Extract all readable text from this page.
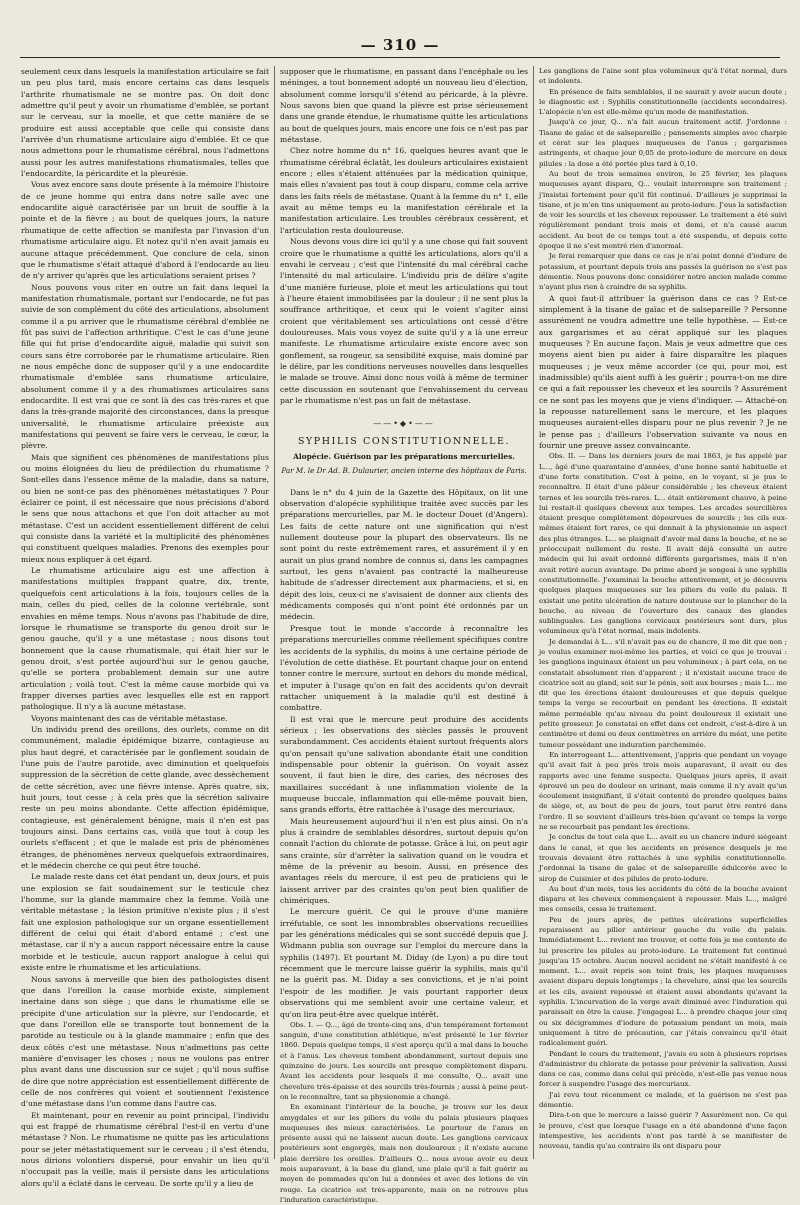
— 310 —

seulement ceux dans lesquels la manifestation articulaire se fait un peu plus tard, mais encore certains cas dans lesquels l'arthrite rhumatismale ne se montre pas. On doit donc admettre qu'il peut y avoir un rhumatisme d'emblée, se portant sur le cerveau, sur la moelle, et que cette manière de se produire est aussi acceptable que celle qui consiste dans l'arrivée d'un rhumatisme articulaire aigu d'emblée. Et ce que nous admettons pour le rhumatisme cérébral, nous l'admettons aussi pour les autres manifestations rhumatismales, telles que l'endocardite, la péricardite et la pleurésie.

Vous avez encore sans doute présente à la mémoire l'histoire de ce jeune homme qui entra dans notre salle avec une endocardite aiguë caractérisée par un bruit de souffle à la pointe et de la fièvre ; au bout de quelques jours, la nature rhumatique de cette affection se manifesta par l'invasion d'un rhumatisme articulaire aigu. Et notez qu'il n'en avait jamais eu aucune attaque précédemment. Que conclure de cela, sinon que le rhumatisme s'était attaqué d'abord à l'endocarde au lieu de n'y arriver qu'après que les articulations seraient prises ?

Nous pouvons vous citer en outre un fait dans lequel la manifestation rhumatismale, portant sur l'endocarde, ne fut pas suivie de son complément du côté des articulations, absolument comme il a pu arriver que le rhumatisme cérébral d'emblée ne fût pas suivi de l'affection arthritique. C'est le cas d'une jeune fille qui fut prise d'endocardite aiguë, maladie qui suivit son cours sans être corroborée par le rhumatisme articulaire. Rien ne nous empêche donc de supposer qu'il y a une endocardite rhumatismale d'emblée sans rhumatisme articulaire, absolument comme il y a des rhumatismes articulaires sans endocardite. Il est vrai que ce sont là des cas très-rares et que dans la très-grande majorité des circonstances, dans la presque universalité, le rhumatisme articulaire préexiste aux manifestations qui peuvent se faire vers le cerveau, le cœur, la plèvre.

Mais que signifient ces phénomènes de manifestations plus ou moins éloignées du lieu de prédilection du rhumatisme ? Sont-elles dans l'essence même de la maladie, dans sa nature, ou bien ne sont-ce pas des phénomènes métastatiques ? Pour éclairer ce point, il est nécessaire que nous précisions d'abord le sens que nous attachons et que l'on doit attacher au mot métastase. C'est un accident essentiellement différent de celui qui consiste dans la variété et la multiplicité des phénomènes qui constituent quelques maladies. Prenons des exemples pour mieux nous expliquer à cet égard.

Le rhumatisme articulaire aigu est une affection à manifestations multiples frappant quatre, dix, trente, quelquefois cent articulations à la fois, toujours celles de la main, celles du pied, celles de la colonne vertébrale, sont envahies en même temps. Nous n'avons pas l'habitude de dire, lorsque le rhumatisme se transporte du genou droit sur le genou gauche, qu'il y a une métastase ; nous disons tout bonnement que la cause rhumatismale, qui était hier sur le genou droit, s'est portée aujourd'hui sur le genou gauche, qu'elle se portera probablement demain sur une autre articulation ; voilà tout. C'est la même cause morbide qui va frapper diverses parties avec lesquelles elle est en rapport pathologique. Il n'y a là aucune métastase.

Voyons maintenant des cas de véritable métastase.

Un individu prend des oreillons, des ourlets, comme on dit communément, maladie épidémique bizarre, contagieuse au plus haut degré, et caractérisée par le gonflement soudain de l'une puis de l'autre parotide, avec diminution et quelquefois suppression de la sécrétion de cette glande, avec dessèchement de cette sécrétion, avec une fièvre intense. Après quatre, six, huit jours, tout cesse ; à cela près que la sécrétion salivaire reste un peu moins abondante. Cette affection épidémique, contagieuse, est généralement bénigne, mais il n'en est pas toujours ainsi. Dans certains cas, voilà que tout à coup les ourlets s'effacent ; et que le malade est pris de phénomènes étranges, de phénomènes nerveux quelquefois extraordinaires, et le médecin cherche ce qui peut être touché.

Le malade reste dans cet état pendant un, deux jours, et puis une explosion se fait soudainement sur le testicule chez l'homme, sur la glande mammaire chez la femme. Voilà une véritable métastase ; la lésion primitive n'existe plus ; il s'est fait une explosion pathologique sur un organe essentiellement différent de celui qui était d'abord entamé ; c'est une métastase, car il n'y a aucun rapport nécessaire entre la cause morbide et le testicule, aucun rapport analogue à celui qui existe entre le rhumatisme et les articulations.

Nous savons à merveille que bien des pathologistes disent que dans l'oreillon la cause morbide existe, simplement inertaine dans son siège ; que dans le rhumatisme elle se précipite d'une articulation sur la plèvre, sur l'endocarde, et que dans l'oreillon elle se transporte tout bonnement de la parotide au testicule ou à la glande mammaire ; enfin que des deux côtés c'est une métastase. Nous n'admettons pas cette manière d'envisager les choses ; nous ne voulons pas entrer plus avant dans une discussion sur ce sujet ; qu'il nous suffise de dire que notre appréciation est essentiellement différente de celle de nos confrères qui voient et soutiennent l'existence d'une métastase dans l'un comme dans l'autre cas.

Et maintenant, pour en revenir au point principal, l'individu qui est frappé de rhumatisme cérébral l'est-il en vertu d'une métastase ? Non. Le rhumatisme ne quitte pas les articulations pour se jeter métastatiquement sur le cerveau ; il s'est étendu, nous dirions volontiers dispersé, pour envahir un lieu qu'il n'occupait pas la veille, mais il persiste dans les articulations alors qu'il a éclaté dans le cerveau. De sorte qu'il y a lieu de

supposer que le rhumatisme, en passant dans l'encéphale ou les méninges, a tout bonnement adopté un nouveau lieu d'élection, absolument comme lorsqu'il s'étend au péricarde, à la plèvre. Nous savons bien que quand la plèvre est prise sérieusement dans une grande étendue, le rhumatisme quitte les articulations au bout de quelques jours, mais encore une fois ce n'est pas par métastase.

Chez notre homme du n° 16, quelques heures avant que le rhumatisme cérébral éclatât, les douleurs articulaires existaient encore ; elles s'étaient atténuées par la médication quinique, mais elles n'avaient pas tout à coup disparu, comme cela arrive dans les faits réels de métastase. Quant à la femme du n° 1, elle avait au même temps eu la manifestation cérébrale et la manifestation articulaire. Les troubles cérébraux cessèrent, et l'articulation resta douloureuse.

Nous devons vous dire ici qu'il y a une chose qui fait souvent croire que le rhumatisme a quitté les articulations, alors qu'il a envahi le cerveau ; c'est que l'intensité du mal cérébral cache l'intensité du mal articulaire. L'individu pris de délire s'agite d'une manière furieuse, ploie et meut les articulations qui tout à l'heure étaient immobilisées par la douleur ; il ne sent plus la souffrance arthritique, et ceux qui le voient s'agiter ainsi croient que véritablement ses articulations ont cessé d'être douloureuses. Mais vous voyez de suite qu'il y a là une erreur manifeste. Le rhumatisme articulaire existe encore avec son gonflement, sa rougeur, sa sensibilité exquise, mais dominé par le délire, par les conditions nerveuses nouvelles dans lesquelles le malade se trouve. Ainsi donc nous voilà à même de terminer cette discussion en soutenant que l'envahissement du cerveau par le rhumatisme n'est pas un fait de métastase.

——•◆•——
SYPHILIS CONSTITUTIONNELLE.
Alopécie. Guérison par les préparations mercurielles.
Par M. le Dr Ad. B. Dulaurier, ancien interne des hôpitaux de Paris.

Dans le n° du 4 juin de la Gazette des Hôpitaux, on lit une observation d'alopécie syphilitique traitée avec succès par les préparations mercurielles, par M. le docteur Douet (d'Angers). Les faits de cette nature ont une signification qui n'est nullement douteuse pour la plupart des observateurs. Ils ne sont point du reste extrêmement rares, et assurément il y en aurait un plus grand nombre de connus si, dans les campagnes surtout, les gens n'avaient pas contracté la malheureuse habitude de s'adresser directement aux pharmaciens, et si, en dépit des lois, ceux-ci ne s'avisaient de donner aux clients des médicaments composés qui n'ont point été ordonnés par un médecin.

Presque tout le monde s'accorde à reconnaître les préparations mercurielles comme réellement spécifiques contre les accidents de la syphilis, du moins à une certaine période de l'évolution de cette diathèse. Et pourtant chaque jour on entend tonner contre le mercure, surtout en dehors du monde médical, et imputer à l'usage qu'on en fait des accidents qu'on devrait rattacher uniquement à la maladie qu'il est destiné à combattre.

Il est vrai que le mercure peut produire des accidents sérieux ; les observations des siècles passés le prouvent surabondamment. Ces accidents étaient surtout fréquents alors qu'on pensait qu'une salivation abondante était une condition indispensable pour obtenir la guérison. On voyait assez souvent, il faut bien le dire, des caries, des nécroses des maxillaires succédant à une inflammation violente de la muqueuse buccale, inflammation qui elle-même pouvait bien, sans grands efforts, être rattachée à l'usage des mercuriaux.

Mais heureusement aujourd'hui il n'en est plus ainsi. On n'a plus à craindre de semblables désordres, surtout depuis qu'on connaît l'action du chlorate de potasse. Grâce à lui, on peut agir sans crainte, sûr d'arrêter la salivation quand on le voudra et même de la prévenir au besoin. Aussi, en présence des avantages réels du mercure, il est peu de praticiens qui le laissent arriver par des craintes qu'on peut bien qualifier de chimériques.

Le mercure guérit. Ce qui le prouve d'une manière irréfutable, ce sont les innombrables observations recueillies par les générations médicales qui se sont succédé depuis que J. Widmann publia son ouvrage sur l'emploi du mercure dans la syphilis (1497). Et pourtant M. Diday (de Lyon) a pu dire tout récemment que le mercure laisse guérir la syphilis, mais qu'il ne la guérit pas. M. Diday a ses convictions, et je n'ai point l'espoir de les modifier. Je vais pourtant rapporter deux observations qui me semblent avoir une certaine valeur, et qu'on lira peut-être avec quelque intérêt.

Obs. I. — Q..., âgé de trente-cinq ans, d'un tempérament fortement sanguin, d'une constitution athlétique, m'est présenté le 1er février 1860. Depuis quelque temps, il s'est aperçu qu'il a mal dans la bouche et à l'anus. Les cheveux tombent abondamment, surtout depuis une quinzaine de jours. Les sourcils ont presque complètement disparu. Avant les accidents pour lesquels il me consulte, Q... avait une chevelure très-épaisse et des sourcils très-fournis ; aussi à peine peut-on le reconnaître, tant sa physionomie a changé.

En examinant l'intérieur de la bouche, je trouve sur les deux amygdales et sur les piliers du voile du palais plusieurs plaques muqueuses des mieux caractérisées. Le pourtour de l'anus en présente aussi qui ne laissent aucun doute. Les ganglions cervicaux postérieurs sont engorgés, mais non douloureux ; il n'existe aucune plaie derrière les oreilles. D'ailleurs Q... nous avoue avoir eu deux mois auparavant, à la base du gland, une plaie qu'il a fait guérir au moyen de pommades qu'on lui a données et avec des lotions de vin rouge. La cicatrice est très-apparente, mais on ne retrouve plus l'induration caractéristique.

Les ganglions de l'aine sont plus volumineux qu'à l'état normal, durs et indolents.

En présence de faits semblables, il ne saurait y avoir aucun doute ; le diagnostic est : Syphilis constitutionnelle (accidents secondaires). L'alopécie n'en est elle-même qu'un mode de manifestation.

Jusqu'à ce jour, Q... n'a fait aucun traitement actif. J'ordonne : Tisane de gaïac et de salsepareille ; pansements simples avec charpie et cérat sur les plaques muqueuses de l'anus ; gargarismes astringents, et chaque jour 0,05 de proto-iodure de mercure en deux pilules : la dose a été portée plus tard à 0,10.

Au bout de trois semaines environ, le 25 février, les plaques muqueuses ayant disparu, Q... voulait interrompre son traitement ; j'insistai fortement pour qu'il fût continué. D'ailleurs je supprimai la tisane, et je m'en tins uniquement au proto-iodure. J'eus la satisfaction de voir les sourcils et les cheveux repousser. Le traitement a été suivi régulièrement pendant trois mois et demi, et n'a causé aucun accident. Au bout de ce temps tout a été suspendu, et depuis cette époque il ne s'est montré rien d'anormal.

Je ferai remarquer que dans ce cas je n'ai point donné d'iodure de potassium, et pourtant depuis trois ans passés la guérison ne s'est pas démentie. Nous pouvons donc considérer notre ancien malade comme n'ayant plus rien à craindre de sa syphilis.

A quoi faut-il attribuer la guérison dans ce cas ? Est-ce simplement à la tisane de gaïac et de salsepareille ? Personne assurément ne voudra admettre une telle hypothèse. — Est-ce aux gargarismes et au cérat appliqué sur les plaques muqueuses ? En aucune façon. Mais je veux admettre que ces moyens aient bien pu aider à faire disparaître les plaques muqueuses ; je veux même accorder (ce qui, pour moi, est inadmissible) qu'ils aient suffi à les guérir ; pourra-t-on me dire ce qui a fait repousser les cheveux et les sourcils ? Assurément ce ne sont pas les moyens que je viens d'indiquer. — Attaché-on la repousse naturellement sans le mercure, et les plaques muqueuses auraient-elles disparu pour ne plus revenir ? Je ne le pense pas ; d'ailleurs l'observation suivante va nous en fournir une preuve assez convaincante.

Obs. II. — Dans les derniers jours de mai 1863, je fus appelé par L..., âgé d'une quarantaine d'années, d'une bonne santé habituelle et d'une forte constitution. C'est à peine, en le voyant, si je pus le reconnaître. Il était d'une pâleur considérable ; les cheveux étaient ternes et les sourcils très-rares. L... était entièrement chauve, à peine lui restait-il quelques cheveux aux tempes. Les arcades sourcilières étaient presque complètement dépourvues de sourcils ; les cils eux-mêmes étaient fort rares, ce qui donnait à la physionomie un aspect des plus étranges. L... se plaignait d'avoir mal dans la bouche, et ne se préoccupait nullement du reste. Il avait déjà consulté un autre médecin qui lui avait ordonné différents gargarismes, mais il n'en avait retiré aucun avantage. De prime abord je songeai à une syphilis constitutionnelle. J'examinai la bouche attentivement, et je découvris quelques plaques muqueuses sur les piliers du voile du palais. Il existait une petite ulcération de nature douteuse sur le plancher de la bouche, au niveau de l'ouverture des canaux des glandes sublinguales. Les ganglions cervicaux postérieurs sont durs, plus volumineux qu'à l'état normal, mais indolents.

Je demandai à L... s'il n'avait pas eu de chancre, il me dit que non ; je voulus examiner moi-même les parties, et voici ce que je trouvai : les ganglions inguinaux étaient un peu volumineux ; à part cela, on ne constatait absolument rien d'apparent ; il n'existait aucune trace de cicatrice soit au gland, soit sur le pénis, soit aux bourses ; mais L... me dit que les érections étaient douloureuses et que depuis quelque temps la verge se recourbait en pendant les érections. Il existait même perméable qu'au niveau du point douloureux il existait une petite grosseur. Je constatai en effet dans cet endroit, c'est-à-dire à un centimètre et demi ou deux centimètres en arrière du méat, une petite tumeur possédant une induration parcheminée.

En interrogeant L... attentivement, j'appris que pendant un voyage qu'il avait fait à peu près trois mois auparavant, il avait eu des rapports avec une femme suspecte. Quelques jours après, il avait éprouvé un peu de douleur en urinant, mais comme il n'y avait qu'un écoulement insignifiant, il s'était contenté de prendre quelques bains de siège, et, au bout de peu de jours, tout parut être rentré dans l'ordre. Il se souvient d'ailleurs très-bien qu'avant ce temps la verge ne se recourbait pas pendant les érections.

Je conclus de tout cela que L... avait eu un chancre induré siégeant dans le canal, et que les accidents en présence desquels je me trouvais devaient être rattachés à une syphilis constitutionnelle. J'ordonnai la tisane de gaïac et de salsepareille édulcorée avec le sirop de Cuisinier et des pilules de proto-iodure.

Au bout d'un mois, tous les accidents du côté de la bouche avaient disparu et les cheveux commençaient à repousser. Mais L..., malgré mes conseils, cessa le traitement.

Peu de jours après, de petites ulcérations superficielles reparaissent au pilier antérieur gauche du voile du palais. Immédiatement L... revient me trouver, et cette fois je me contente de lui prescrire les pilules au proto-iodure. Le traitement fut continué jusqu'au 15 octobre. Aucun nouvel accident ne s'était manifesté à ce moment. L... avait repris son teint frais, les plaques muqueuses avaient disparu depuis longtemps ; la chevelure, ainsi que les sourcils et les cils, avaient repoussé et étaient aussi abondants qu'avant la syphilis. L'incurvation de la verge avait diminué avec l'induration qui paraissait en être la cause. J'engageai L... à prendre chaque jour cinq ou six décigrammes d'iodure de potassium pendant un mois, mais uniquement à titre de précaution, car j'étais convaincu qu'il était radicalement guéri.

Pendant le cours du traitement, j'avais eu soin à plusieurs reprises d'administrer du chlorate de potasse pour prévenir la salivation. Aussi dans ce cas, comme dans celui qui précède, n'est-elle pas venue nous forcer à suspendre l'usage des mercuriaux.

J'ai revu tout récemment ce malade, et la guérison ne s'est pas démentie.

Dira-t-on que le mercure a laissé guérir ? Assurément non. Ce qui le prouve, c'est que lorsque l'usage en a été abandonné d'une façon intempestive, les accidents n'ont pas tardé à se manifester de nouveau, tandis qu'au contraire ils ont disparu pour
